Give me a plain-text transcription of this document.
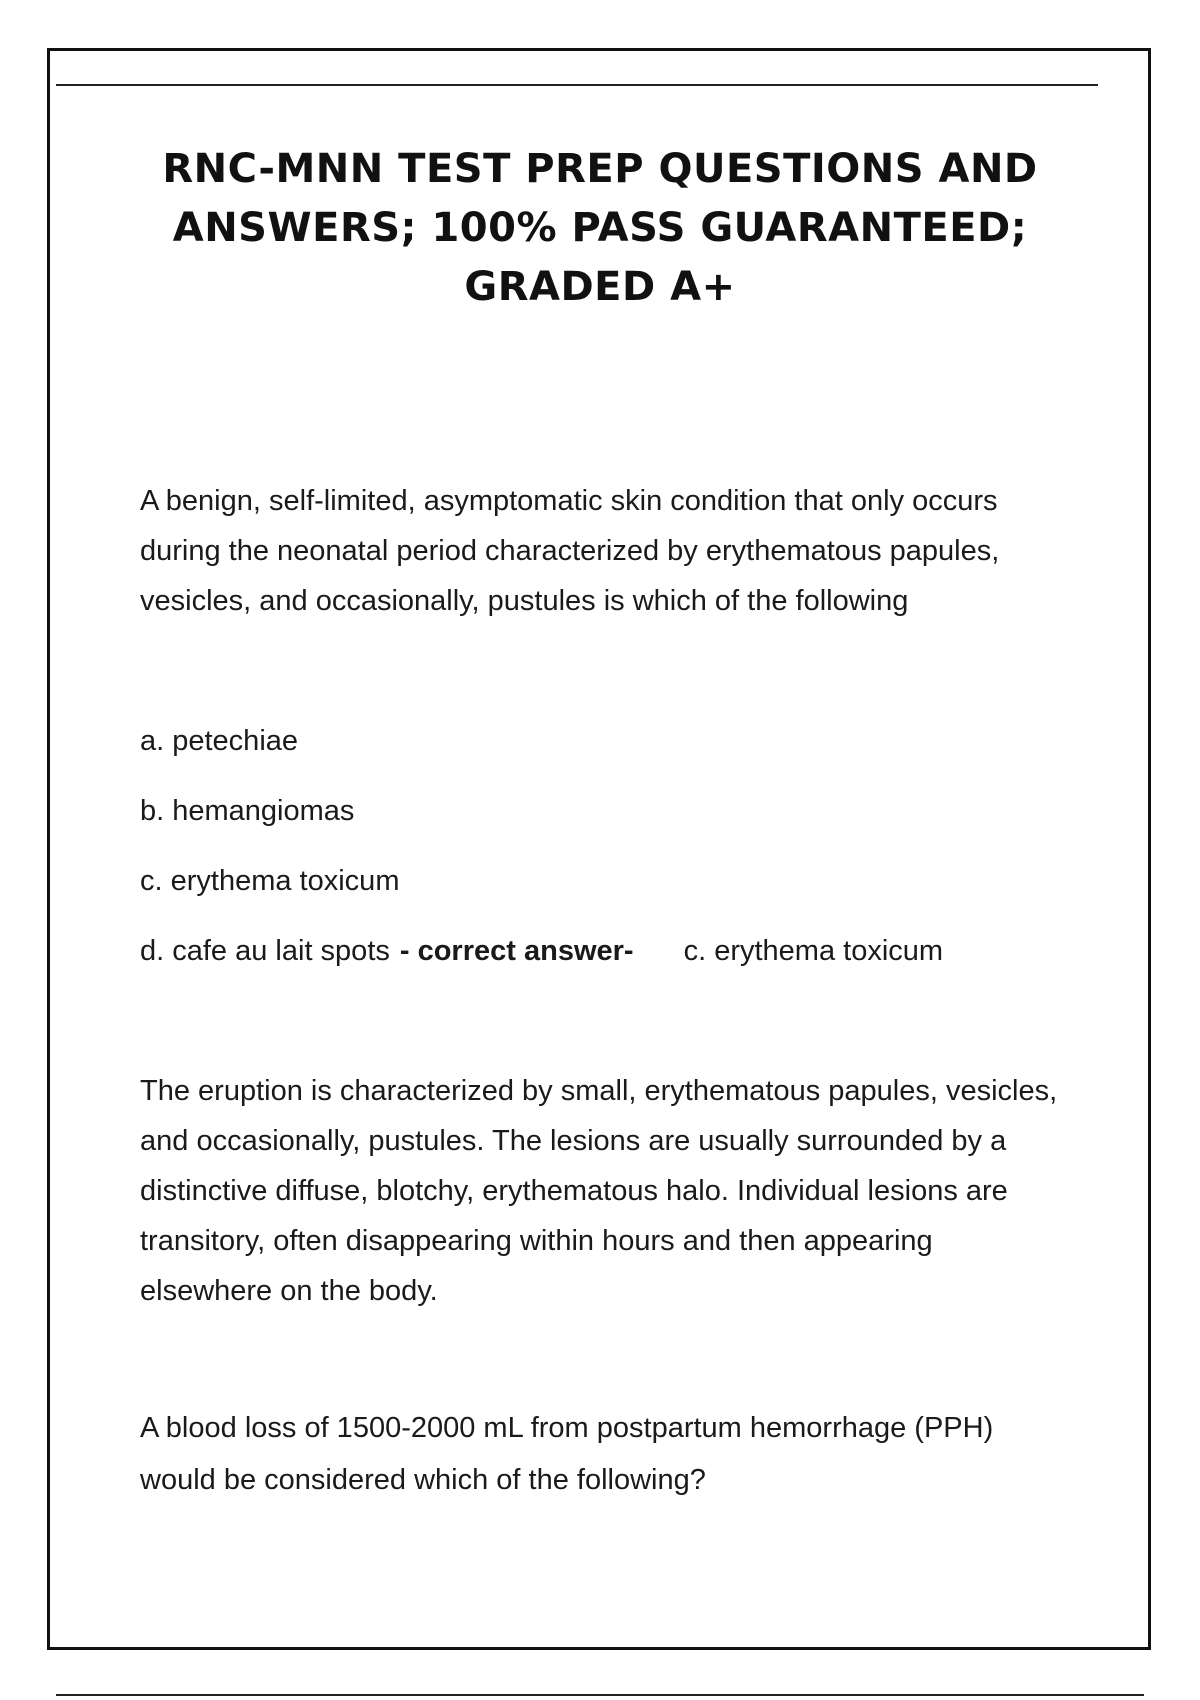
RNC-MNN TEST PREP QUESTIONS AND ANSWERS; 100% PASS GUARANTEED; GRADED A+

A benign, self-limited, asymptomatic skin condition that only occurs during the neonatal period characterized by erythematous papules, vesicles, and occasionally, pustules is which of the following

a. petechiae

b. hemangiomas

c. erythema toxicum

d. cafe au lait spots - correct answer- c. erythema toxicum

The eruption is characterized by small, erythematous papules, vesicles, and occasionally, pustules. The lesions are usually surrounded by a distinctive diffuse, blotchy, erythematous halo. Individual lesions are transitory, often disappearing within hours and then appearing elsewhere on the body.

A blood loss of 1500-2000 mL from postpartum hemorrhage (PPH) would be considered which of the following?
